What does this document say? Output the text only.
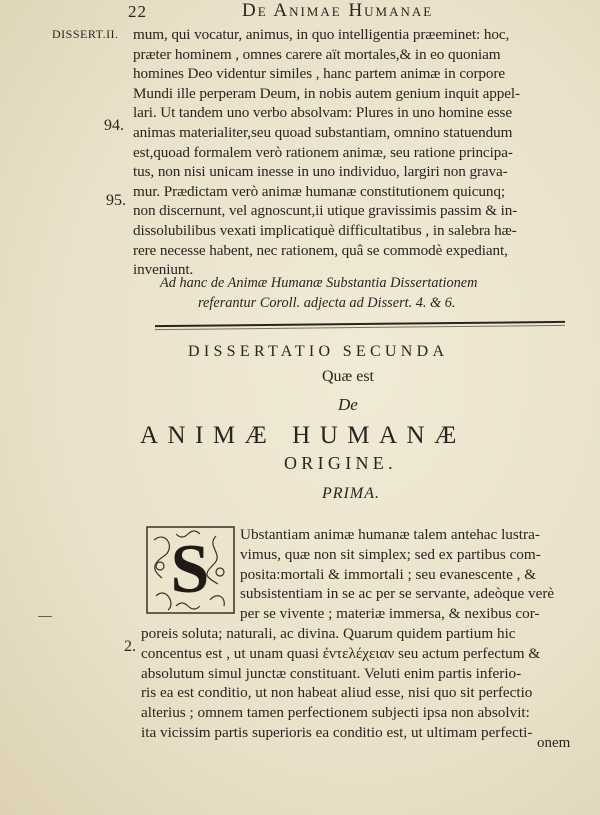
22	De Animae Humanae
DISSERT.II.
94.
95.
mum, qui vocatur, animus, in quo intelligentia præeminet: hoc,
præter hominem , omnes carere aït mortales,& in eo quoniam
homines Deo videntur similes , hanc partem animæ in corpore
Mundi ille perperam Deum, in nobis autem genium inquit appel-
lari. Ut tandem uno verbo absolvam: Plures in uno homine esse
animas materialiter,seu quoad substantiam, omnino statuendum
est,quoad formalem verò rationem animæ, seu ratione principa-
tus, non nisi unicam inesse in uno individuo, largiri non grava-
mur. Prædictam verò animæ humanæ constitutionem quicunq;
non discernunt, vel agnoscunt,ii utique gravissimis passim & in-
dissolubilibus vexati implicatiquè difficultatibus , in salebra hæ-
rere necesse habent, nec rationem, quâ se commodè expediant,
inveniunt.
Ad hanc de Animæ Humanæ Substantia Dissertationem
referantur Coroll. adjecta ad Dissert. 4. & 6.
DISSERTATIO SECUNDA
Quæ est
De
ANIMÆ HUMANÆ
ORIGINE.
PRIMA.
S Ubstantiam animæ humanæ talem antehac lustra-
vimus, quæ non sit simplex; sed ex partibus com-
posita:mortali & immortali ; seu evanescente , &
subsistentiam in se ac per se servante, adeòque verè
per se vivente ; materiæ immersa, & nexibus cor-
2.
poreis soluta; naturali, ac divina. Quarum quidem partium hic
concentus est , ut unam quasi ἐντελέχειαν seu actum perfectum &
absolutum simul junctæ constituant. Veluti enim partis inferio-
ris ea est conditio, ut non habeat aliud esse, nisi quo sit perfectio
alterius ; omnem tamen perfectionem subjecti ipsa non absolvit:
ita vicissim partis superioris ea conditio est, ut ultimam perfecti-
onem
